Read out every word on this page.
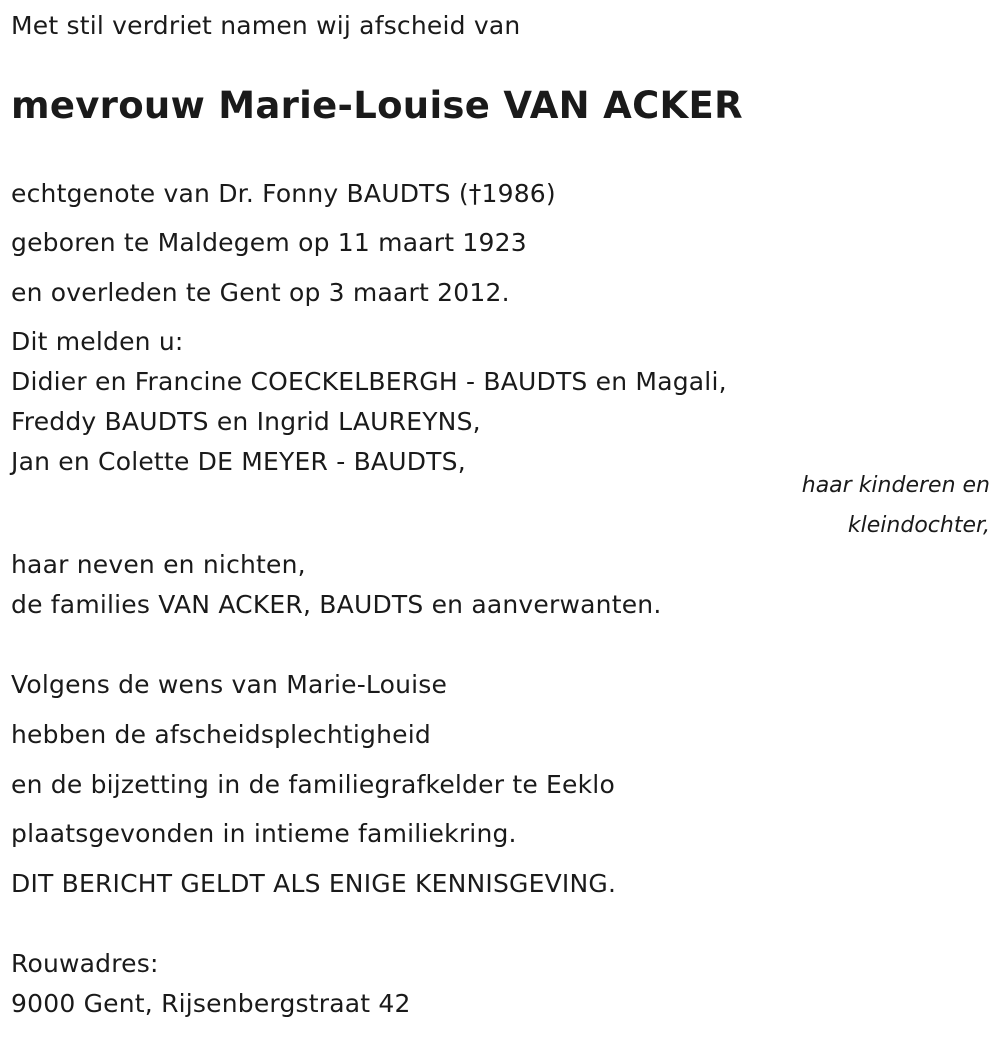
Met stil verdriet namen wij afscheid van
mevrouw Marie-Louise VAN ACKER
echtgenote van Dr. Fonny BAUDTS (†1986)
geboren te Maldegem op 11 maart 1923
en overleden te Gent op 3 maart 2012.
Dit melden u:
Didier en Francine COECKELBERGH - BAUDTS en Magali,
Freddy BAUDTS en Ingrid LAUREYNS,
Jan en Colette DE MEYER - BAUDTS,
haar kinderen en
kleindochter,
haar neven en nichten,
de families VAN ACKER, BAUDTS en aanverwanten.
Volgens de wens van Marie-Louise
hebben de afscheidsplechtigheid
en de bijzetting in de familiegrafkelder te Eeklo
plaatsgevonden in intieme familiekring.
DIT BERICHT GELDT ALS ENIGE KENNISGEVING.
Rouwadres:
9000 Gent, Rijsenbergstraat 42
